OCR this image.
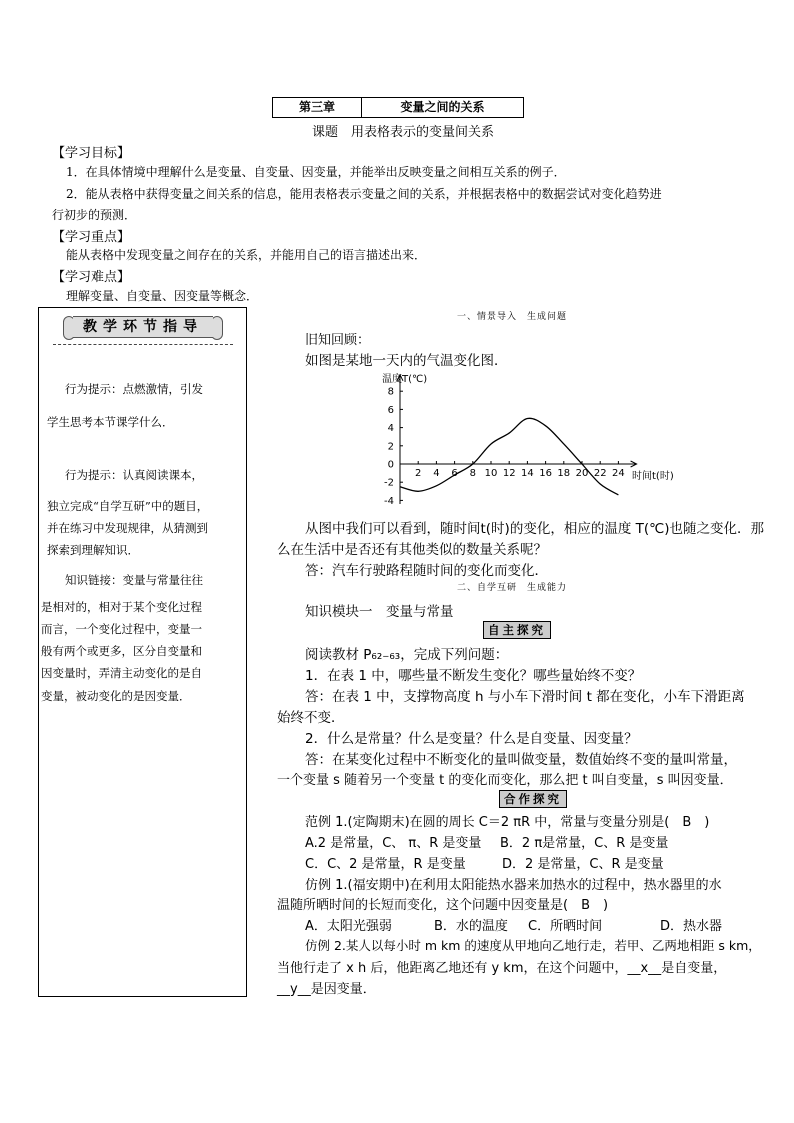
第三章	变量之间的关系
课题　用表格表示的变量间关系
【学习目标】
1．在具体情境中理解什么是变量、自变量、因变量，并能举出反映变量之间相互关系的例子．
2．能从表格中获得变量之间关系的信息，能用表格表示变量之间的关系，并根据表格中的数据尝试对变化趋势进
行初步的预测．
【学习重点】
能从表格中发现变量之间存在的关系，并能用自己的语言描述出来．
【学习难点】
理解变量、自变量、因变量等概念．
教学环节指导
行为提示：点燃激情，引发
学生思考本节课学什么．
行为提示：认真阅读课本，
独立完成“自学互研”中的题目，
并在练习中发现规律，从猜测到
探索到理解知识．
知识链接：变量与常量往往
是相对的，相对于某个变化过程
而言，一个变化过程中，变量一
般有两个或更多，区分自变量和
因变量时，弄清主动变化的是自
变量，被动变化的是因变量．
一、情景导入　生成问题
旧知回顾：
如图是某地一天内的气温变化图．
2 4 6 8 10 12 14 16 18 20 22 24
8
6
4
2
0
-2
-4
温度T(℃)
时间t(时)
从图中我们可以看到，随时间t(时)的变化，相应的温度 T(℃)也随之变化．那
么在生活中是否还有其他类似的数量关系呢？
答：汽车行驶路程随时间的变化而变化．
二、自学互研　生成能力
知识模块一　变量与常量
自主探究
阅读教材 P₆₂₋₆₃，完成下列问题：
1．在表 1 中，哪些量不断发生变化？哪些量始终不变？
答：在表 1 中，支撑物高度 h 与小车下滑时间 t 都在变化，小车下滑距离
始终不变．
2．什么是常量？什么是变量？什么是自变量、因变量？
答：在某变化过程中不断变化的量叫做变量，数值始终不变的量叫常量，
一个变量 s 随着另一个变量 t 的变化而变化，那么把 t 叫自变量，s 叫因变量．
合作探究
范例 1.(定陶期末)在圆的周长 C＝2 πR 中，常量与变量分别是(　B　)
A.2 是常量，C、 π、R 是变量 B．2 π是常量，C、R 是变量
C．C、2 是常量，R 是变量	D．2 是常量，C、R 是变量
仿例 1.(福安期中)在利用太阳能热水器来加热水的过程中，热水器里的水
温随所晒时间的长短而变化，这个问题中因变量是(　B　)
A．太阳光强弱	B．水的温度 C．所晒时间	D．热水器
仿例 2.某人以每小时 m km 的速度从甲地向乙地行走，若甲、乙两地相距 s km，
当他行走了 x h 后，他距离乙地还有 y km，在这个问题中，__x__是自变量，
__y__是因变量．
